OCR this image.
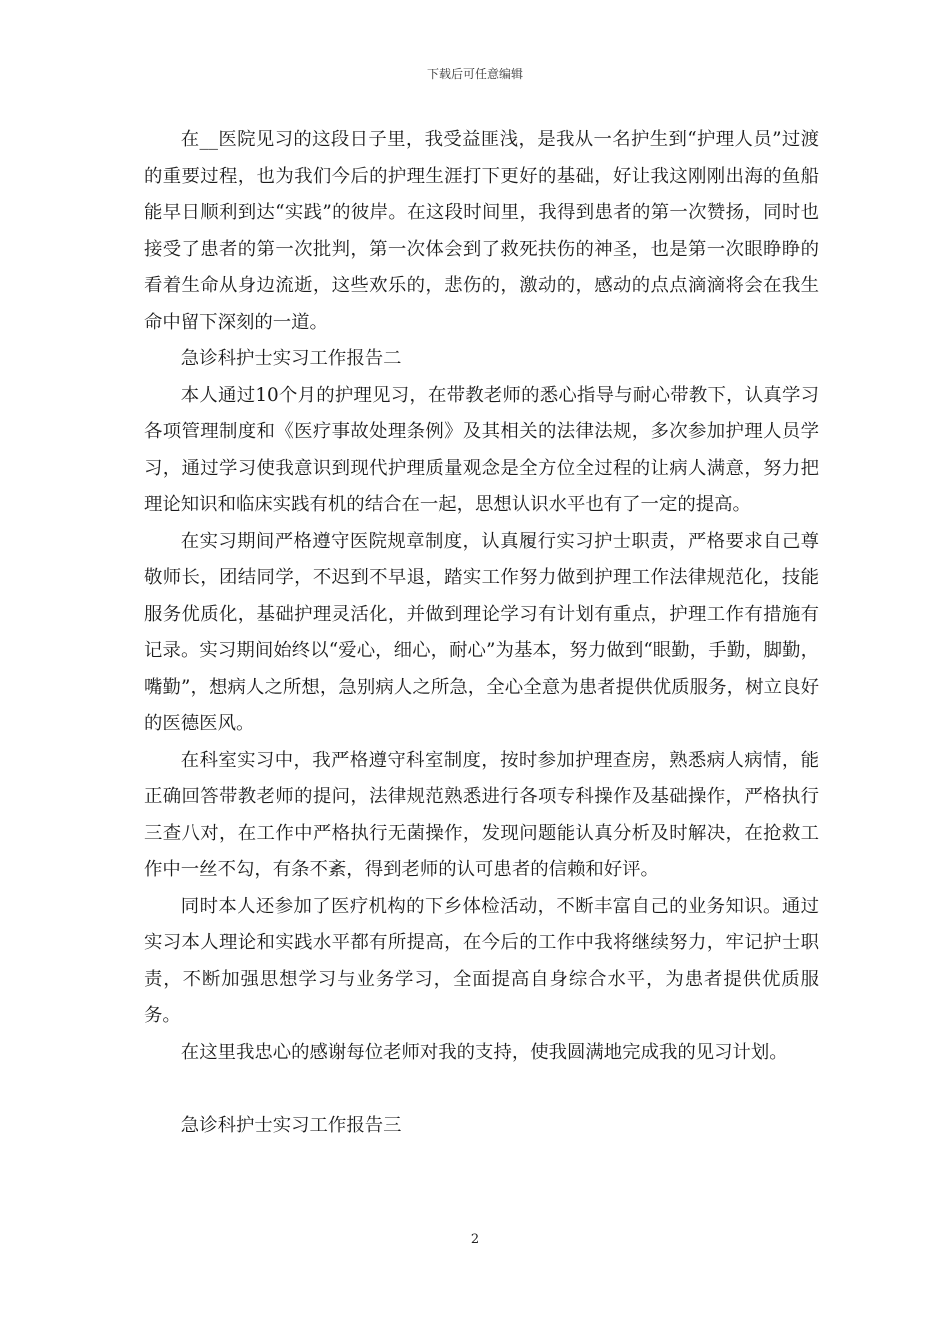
下载后可任意编辑

在__医院见习的这段日子里，我受益匪浅，是我从一名护生到“护理人员”过渡的重要过程，也为我们今后的护理生涯打下更好的基础，好让我这刚刚出海的鱼船能早日顺利到达“实践”的彼岸。在这段时间里，我得到患者的第一次赞扬，同时也接受了患者的第一次批判，第一次体会到了救死扶伤的神圣，也是第一次眼睁睁的看着生命从身边流逝，这些欢乐的，悲伤的，激动的，感动的点点滴滴将会在我生命中留下深刻的一道。

急诊科护士实习工作报告二

本人通过10个月的护理见习，在带教老师的悉心指导与耐心带教下，认真学习各项管理制度和《医疗事故处理条例》及其相关的法律法规，多次参加护理人员学习，通过学习使我意识到现代护理质量观念是全方位全过程的让病人满意，努力把理论知识和临床实践有机的结合在一起，思想认识水平也有了一定的提高。

在实习期间严格遵守医院规章制度，认真履行实习护士职责，严格要求自己尊敬师长，团结同学，不迟到不早退，踏实工作努力做到护理工作法律规范化，技能服务优质化，基础护理灵活化，并做到理论学习有计划有重点，护理工作有措施有记录。实习期间始终以“爱心，细心，耐心”为基本，努力做到“眼勤，手勤，脚勤，嘴勤”，想病人之所想，急别病人之所急，全心全意为患者提供优质服务，树立良好的医德医风。

在科室实习中，我严格遵守科室制度，按时参加护理查房，熟悉病人病情，能正确回答带教老师的提问，法律规范熟悉进行各项专科操作及基础操作，严格执行三查八对，在工作中严格执行无菌操作，发现问题能认真分析及时解决，在抢救工作中一丝不勾，有条不紊，得到老师的认可患者的信赖和好评。

同时本人还参加了医疗机构的下乡体检活动，不断丰富自己的业务知识。通过实习本人理论和实践水平都有所提高，在今后的工作中我将继续努力，牢记护士职责，不断加强思想学习与业务学习，全面提高自身综合水平，为患者提供优质服务。

在这里我忠心的感谢每位老师对我的支持，使我圆满地完成我的见习计划。

急诊科护士实习工作报告三

2
